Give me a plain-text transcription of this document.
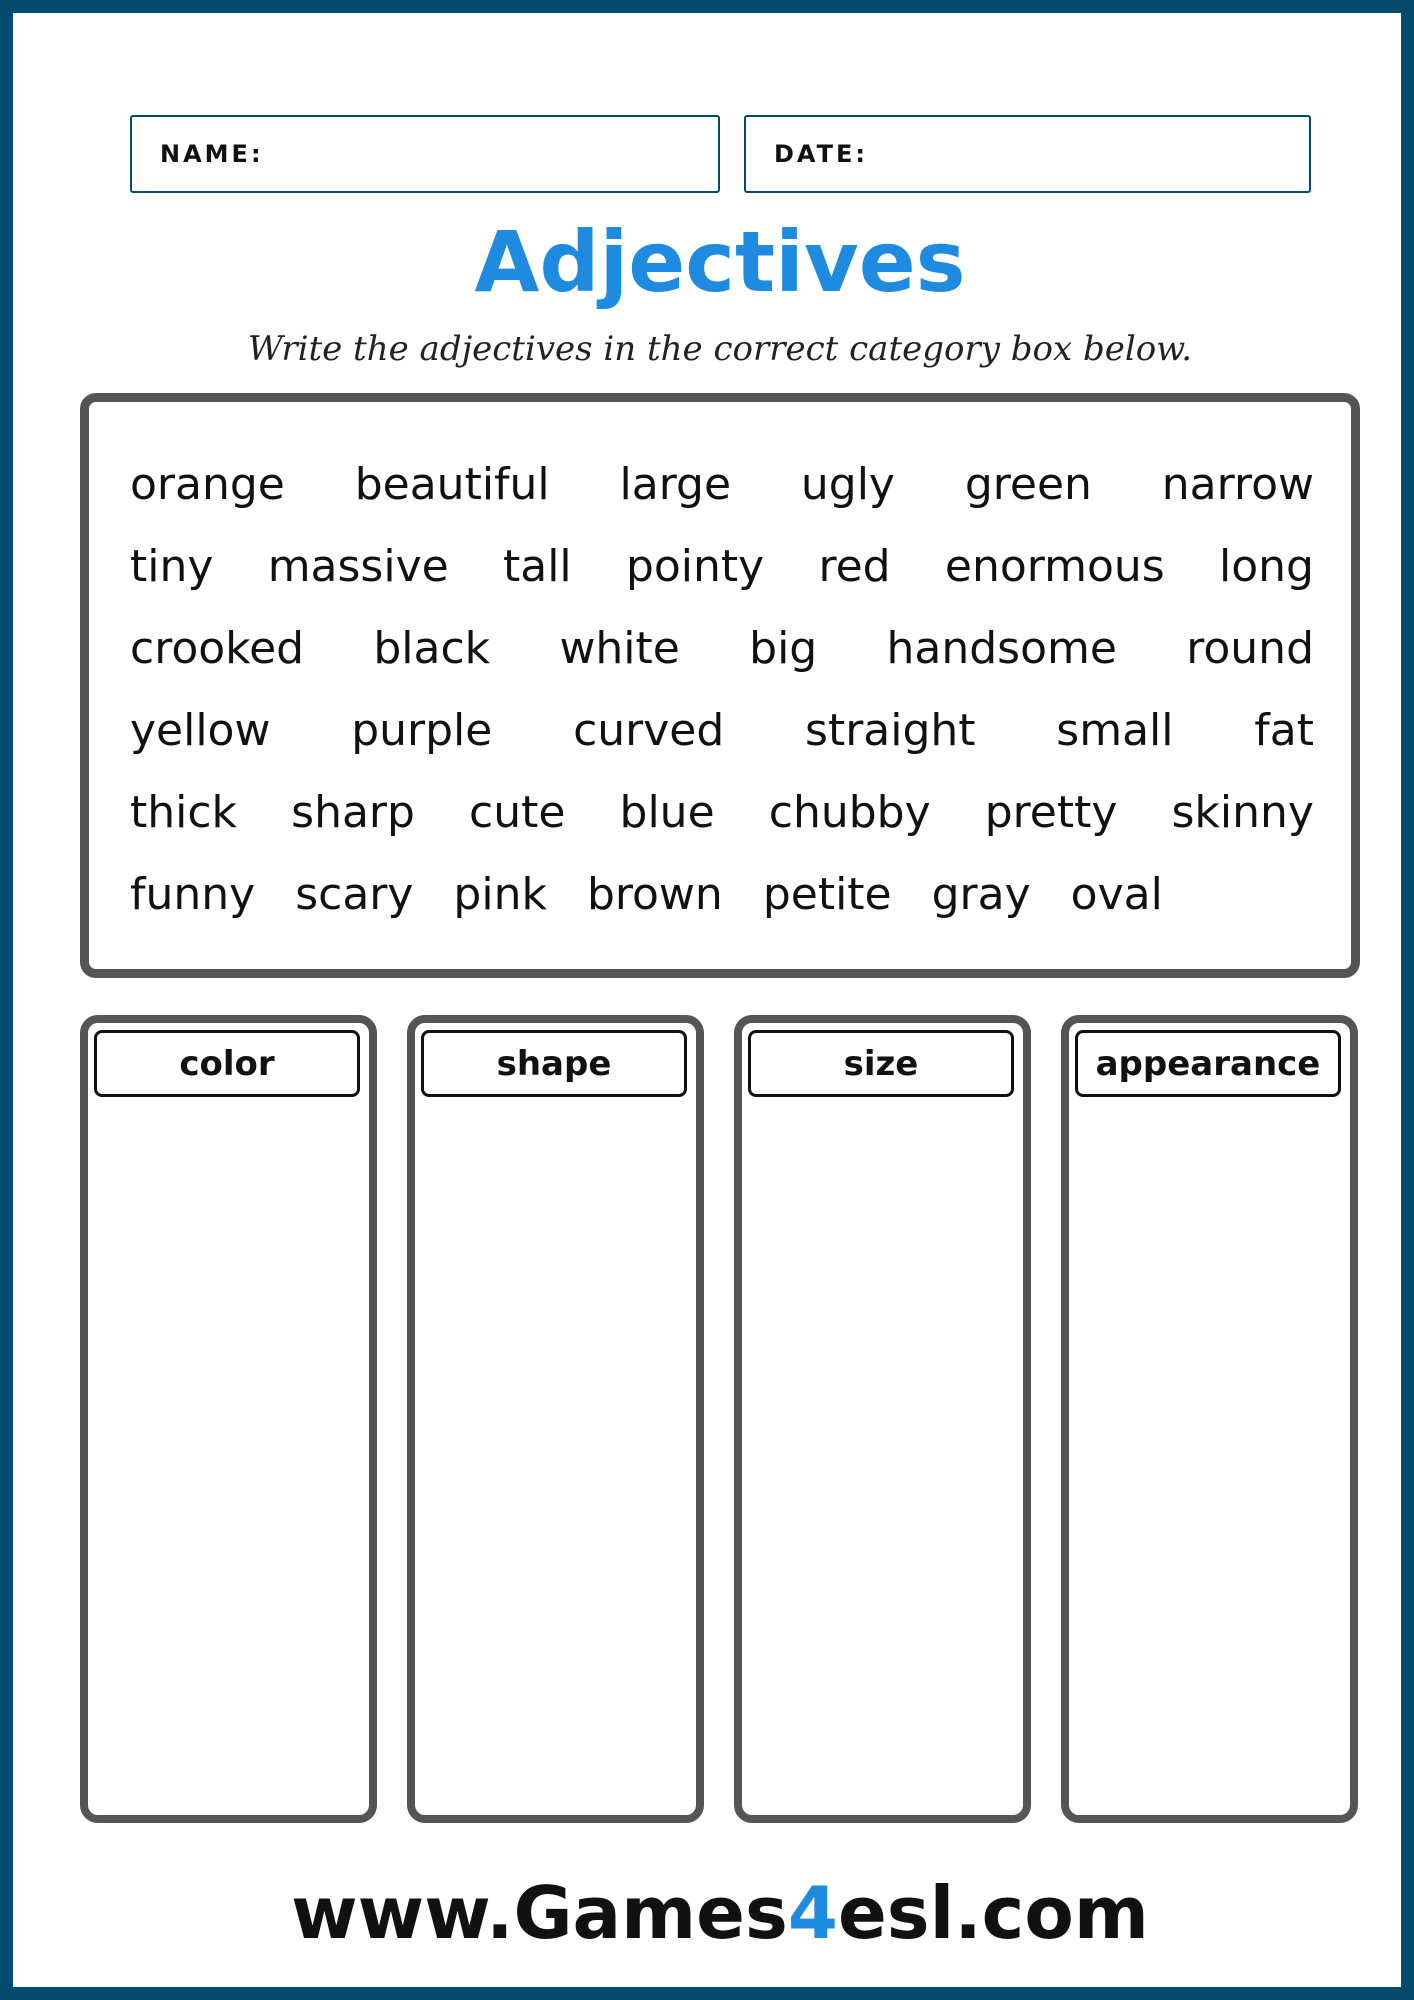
NAME:	DATE:
Adjectives
Write the adjectives in the correct category box below.
orange beautiful large ugly green narrow
tiny massive tall pointy red enormous long
crooked black white big handsome round
yellow purple curved straight small fat
thick sharp cute blue chubby pretty skinny
funny scary pink brown petite gray oval
color	shape	size	appearance
www.Games4esl.com
